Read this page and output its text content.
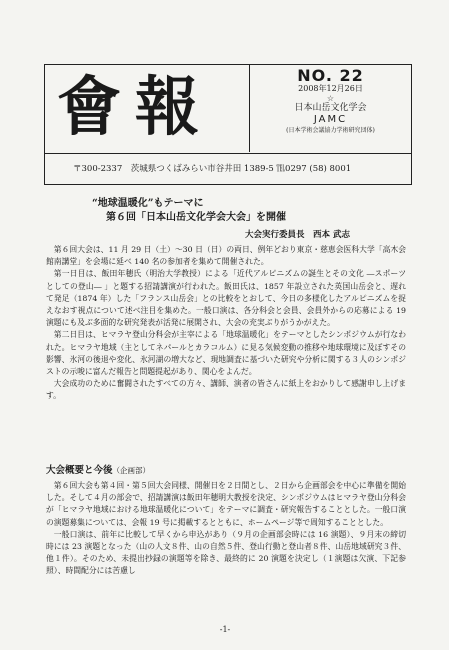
會報	NO. 22
2008年12月26日
☆
日本山岳文化学会
JAMC
(日本学術会議協力学術研究団体)
〒300-2337　茨城県つくばみらい市谷井田 1389-5 ℡0297 (58) 8001
“地球温暖化”もテーマに
第６回「日本山岳文化学会大会」を開催
大会実行委員長　西本 武志

第６回大会は、11 月 29 日（土）～30 日（日）の両日、例年どおり東京・慈恵会医科大学「高木会館南講堂」を会場に延べ 140 名の参加者を集めて開催された。

第一日目は、飯田年穂氏（明治大学教授）による「近代アルピニズムの誕生とその文化 ―スポーツとしての登山― 」と題する招請講演が行われた。飯田氏は、1857 年設立された英国山岳会と、遅れて発足（1874 年）した「フランス山岳会」との比較をとおして、今日の多様化したアルピニズムを捉えなおす視点について述べ注目を集めた。一般口演は、各分科会と会員、会員外からの応募による 19 演題にも及ぶ多面的な研究発表が活発に展開され、大会の充実ぶりがうかがえた。

第二日目は、ヒマラヤ登山分科会が主宰による「地球温暖化」をテーマとしたシンポジウムが行なわれた。ヒマラヤ地域（主としてネパールとカラコルム）に見る気候変動の推移や地球環境に及ぼすその影響、氷河の後退や変化、氷河湖の増大など、現地調査に基づいた研究や分析に関する３人のシンポジストの示唆に富んだ報告と問題提起があり、関心をよんだ。

大会成功のために奮闘されたすべての方々、講師、演者の皆さんに紙上をおかりして感謝申し上げます。

大会概要と今後（企画部）

第６回大会も第４回・第５回大会同様、開催日を２日間とし、２日から企画部会を中心に準備を開始した。そして４月の部会で、招請講演は飯田年穂明大教授を決定、シンポジウムはヒマラヤ登山分科会が「ヒマラヤ地域における地球温暖化について」をテーマに調査・研究報告することとした。一般口演の演題募集については、会報 19 号に掲載するとともに、ホームページ等で周知することとした。

一般口演は、前年に比較して早くから申込があり（９月の企画部会時には 16 演題）、９月末の締切時には 23 演題となった（山の人文８件、山の自然５件、登山行動と登山者８件、山岳地域研究３件、他１件）。そのため、未提出抄録の演題等を除き、最終的に 20 演題を決定し（１演題は欠演、下記参照）、時間配分には苦慮し

-1-
